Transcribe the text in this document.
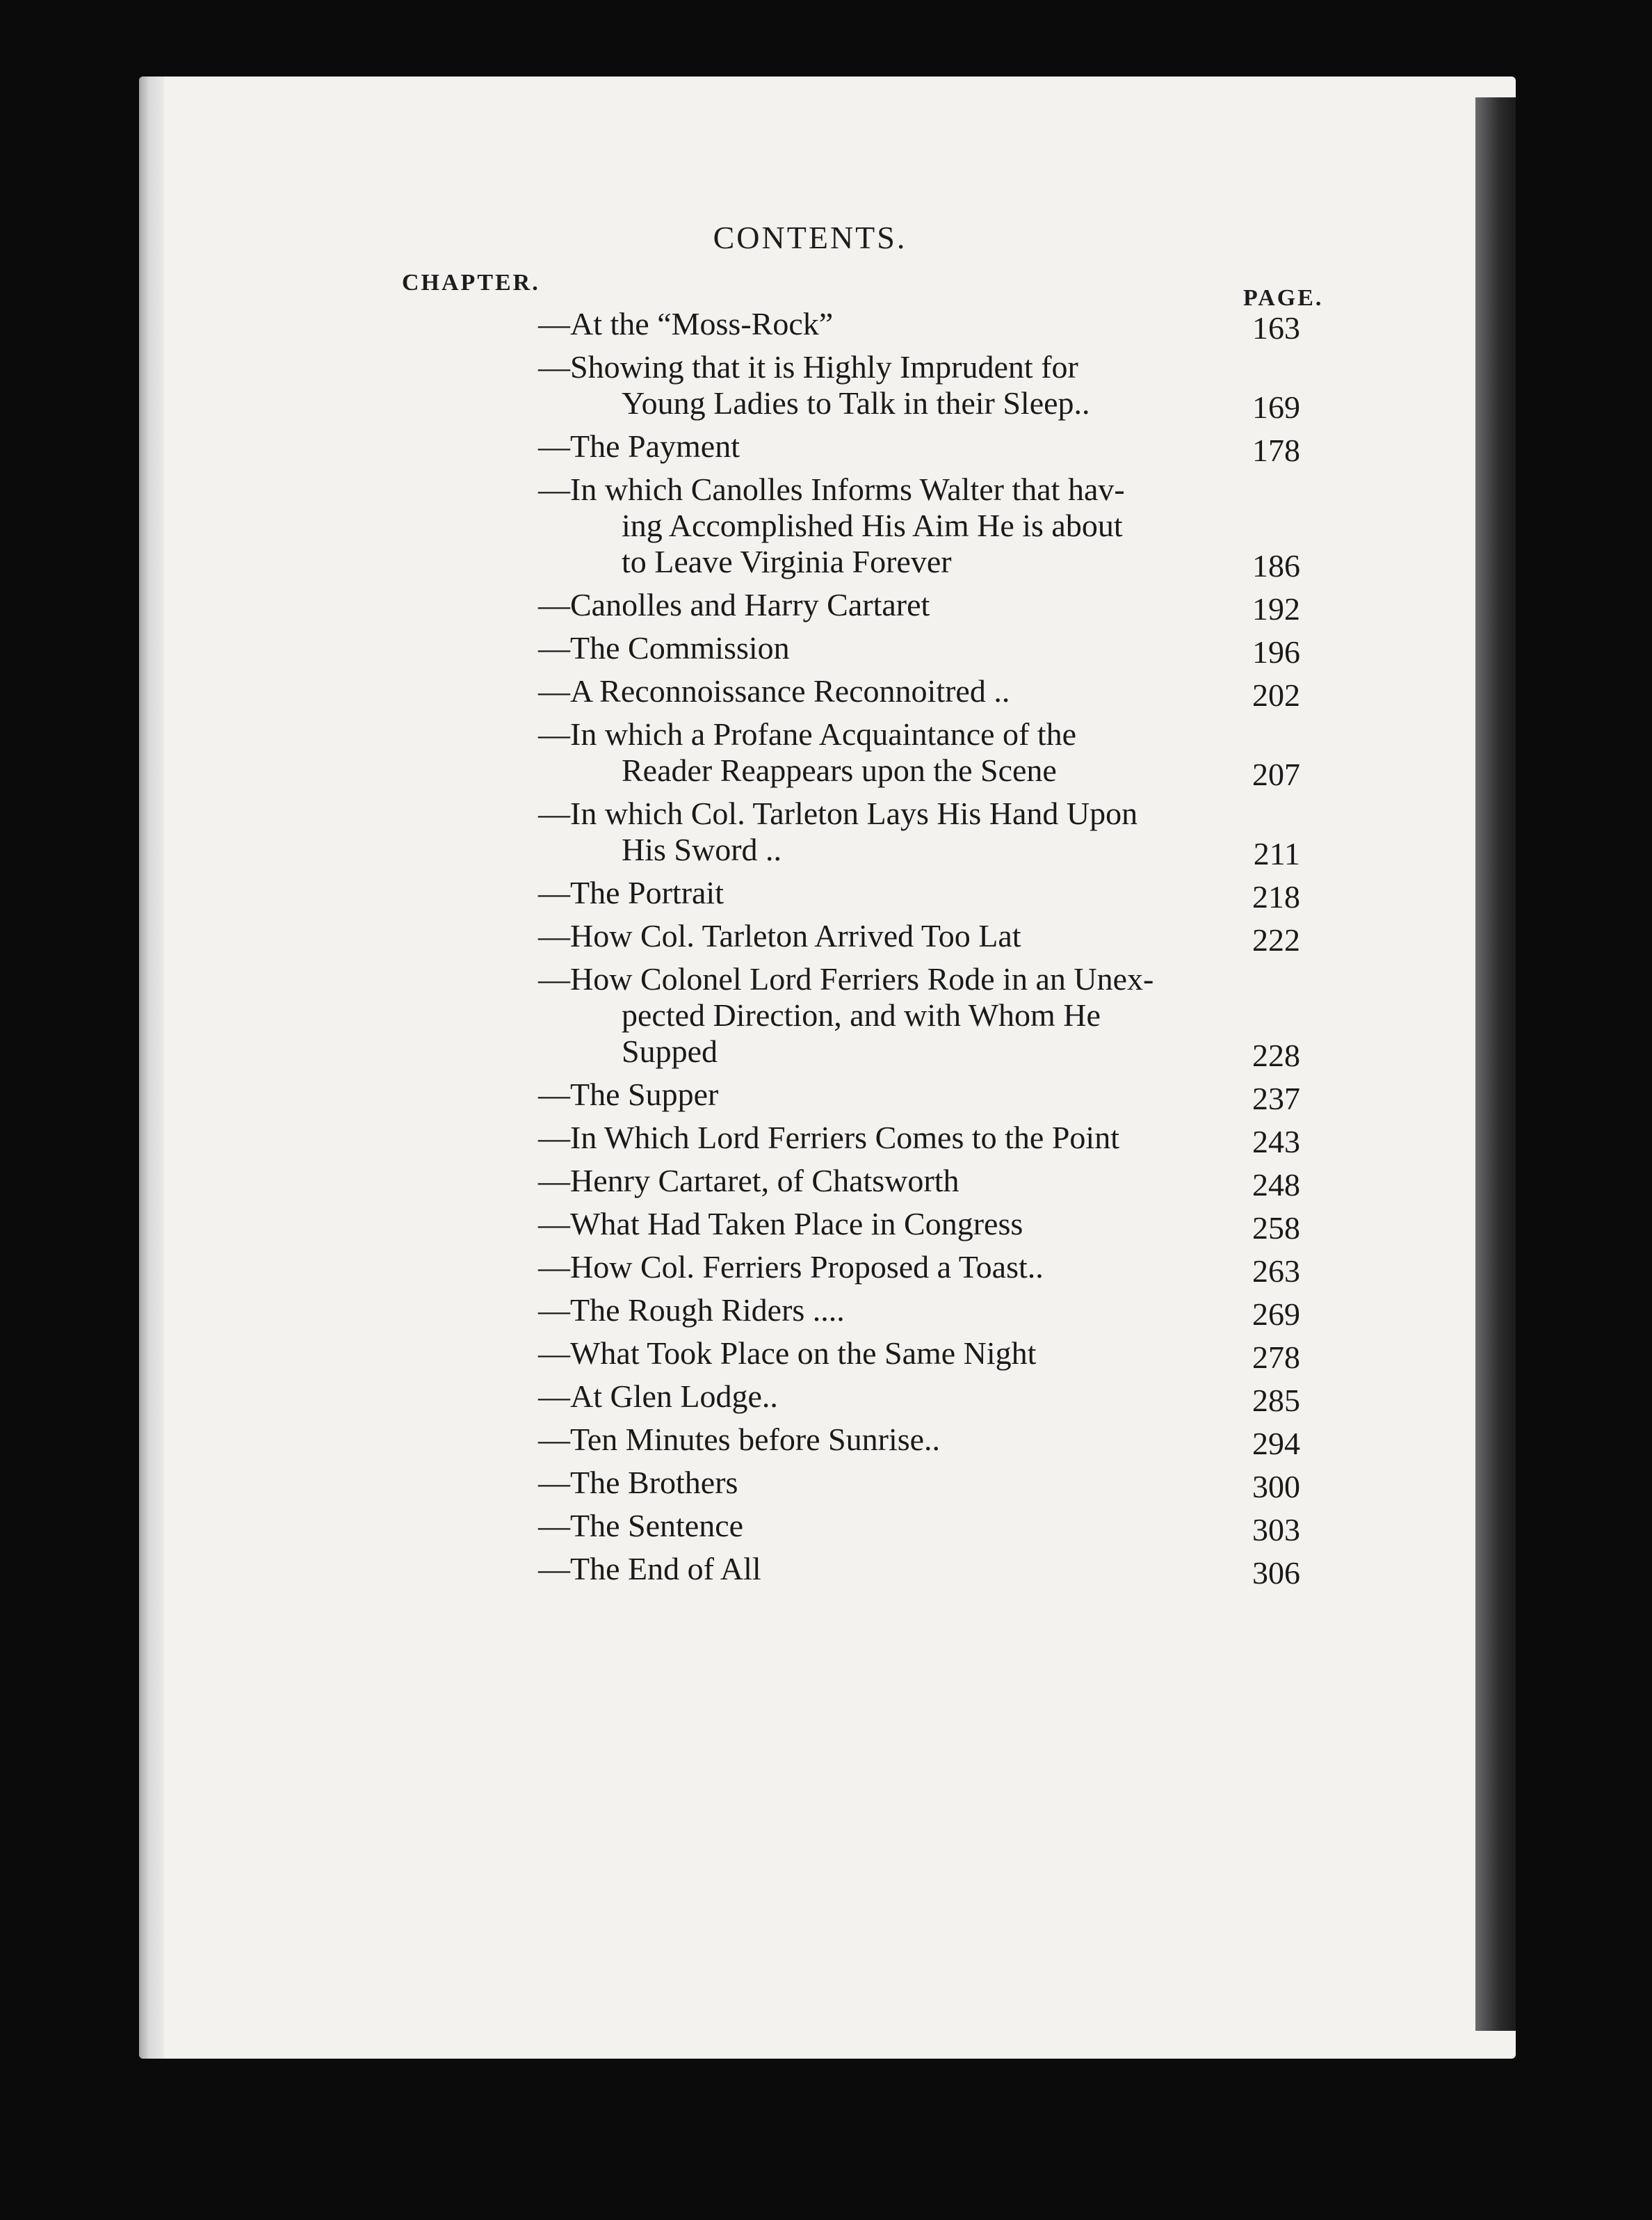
CONTENTS.
CHAPTER.
PAGE.
—At the “Moss-Rock”	163
—Showing that it is Highly Imprudent for
Young Ladies to Talk in their Sleep..	169
—The Payment	178
—In which Canolles Informs Walter that hav-
ing Accomplished His Aim He is about
to Leave Virginia Forever	186
—Canolles and Harry Cartaret	192
—The Commission	196
—A Reconnoissance Reconnoitred ..	202
—In which a Profane Acquaintance of the
Reader Reappears upon the Scene	207
—In which Col. Tarleton Lays His Hand Upon
His Sword ..	211
—The Portrait	218
—How Col. Tarleton Arrived Too Lat	222
—How Colonel Lord Ferriers Rode in an Unex-
pected Direction, and with Whom He
Supped	228
—The Supper	237
—In Which Lord Ferriers Comes to the Point	243
—Henry Cartaret, of Chatsworth	248
—What Had Taken Place in Congress	258
—How Col. Ferriers Proposed a Toast..	263
—The Rough Riders ....	269
—What Took Place on the Same Night	278
—At Glen Lodge..	285
—Ten Minutes before Sunrise..	294
—The Brothers	300
—The Sentence	303
—The End of All	306
